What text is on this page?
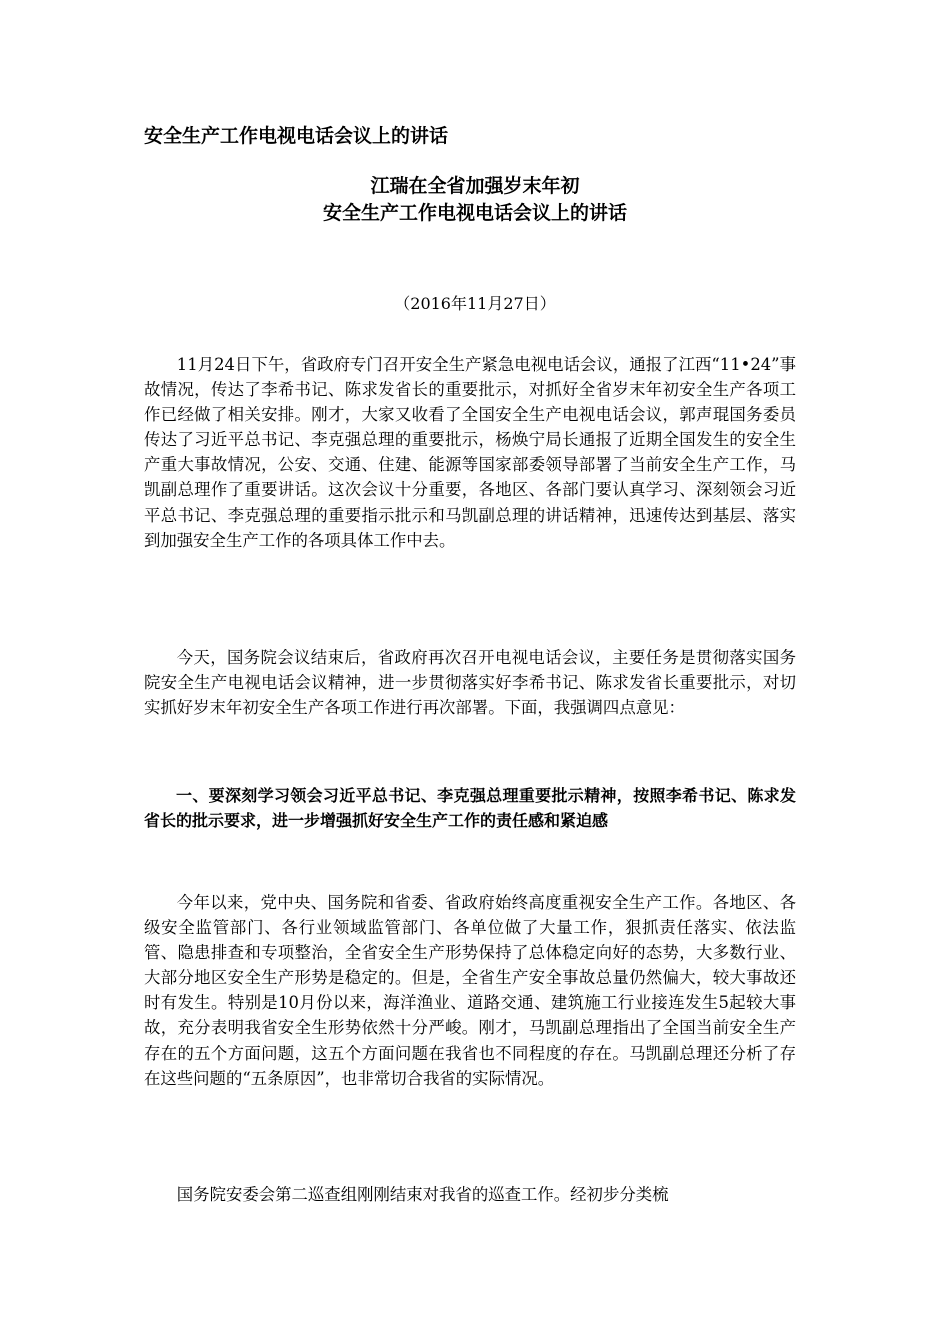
安全生产工作电视电话会议上的讲话
江瑞在全省加强岁末年初
安全生产工作电视电话会议上的讲话
（2016年11月27日）

11月24日下午，省政府专门召开安全生产紧急电视电话会议，通报了江西“11•24”事故情况，传达了李希书记、陈求发省长的重要批示，对抓好全省岁末年初安全生产各项工作已经做了相关安排。刚才，大家又收看了全国安全生产电视电话会议，郭声琨国务委员传达了习近平总书记、李克强总理的重要批示，杨焕宁局长通报了近期全国发生的安全生产重大事故情况，公安、交通、住建、能源等国家部委领导部署了当前安全生产工作，马凯副总理作了重要讲话。这次会议十分重要，各地区、各部门要认真学习、深刻领会习近平总书记、李克强总理的重要指示批示和马凯副总理的讲话精神，迅速传达到基层、落实到加强安全生产工作的各项具体工作中去。

今天，国务院会议结束后，省政府再次召开电视电话会议，主要任务是贯彻落实国务院安全生产电视电话会议精神，进一步贯彻落实好李希书记、陈求发省长重要批示，对切实抓好岁末年初安全生产各项工作进行再次部署。下面，我强调四点意见：

一、要深刻学习领会习近平总书记、李克强总理重要批示精神，按照李希书记、陈求发省长的批示要求，进一步增强抓好安全生产工作的责任感和紧迫感

今年以来，党中央、国务院和省委、省政府始终高度重视安全生产工作。各地区、各级安全监管部门、各行业领域监管部门、各单位做了大量工作，狠抓责任落实、依法监管、隐患排查和专项整治，全省安全生产形势保持了总体稳定向好的态势，大多数行业、大部分地区安全生产形势是稳定的。但是，全省生产安全事故总量仍然偏大，较大事故还时有发生。特别是10月份以来，海洋渔业、道路交通、建筑施工行业接连发生5起较大事故，充分表明我省安全生形势依然十分严峻。刚才，马凯副总理指出了全国当前安全生产存在的五个方面问题，这五个方面问题在我省也不同程度的存在。马凯副总理还分析了存在这些问题的“五条原因”，也非常切合我省的实际情况。

国务院安委会第二巡查组刚刚结束对我省的巡查工作。经初步分类梳
